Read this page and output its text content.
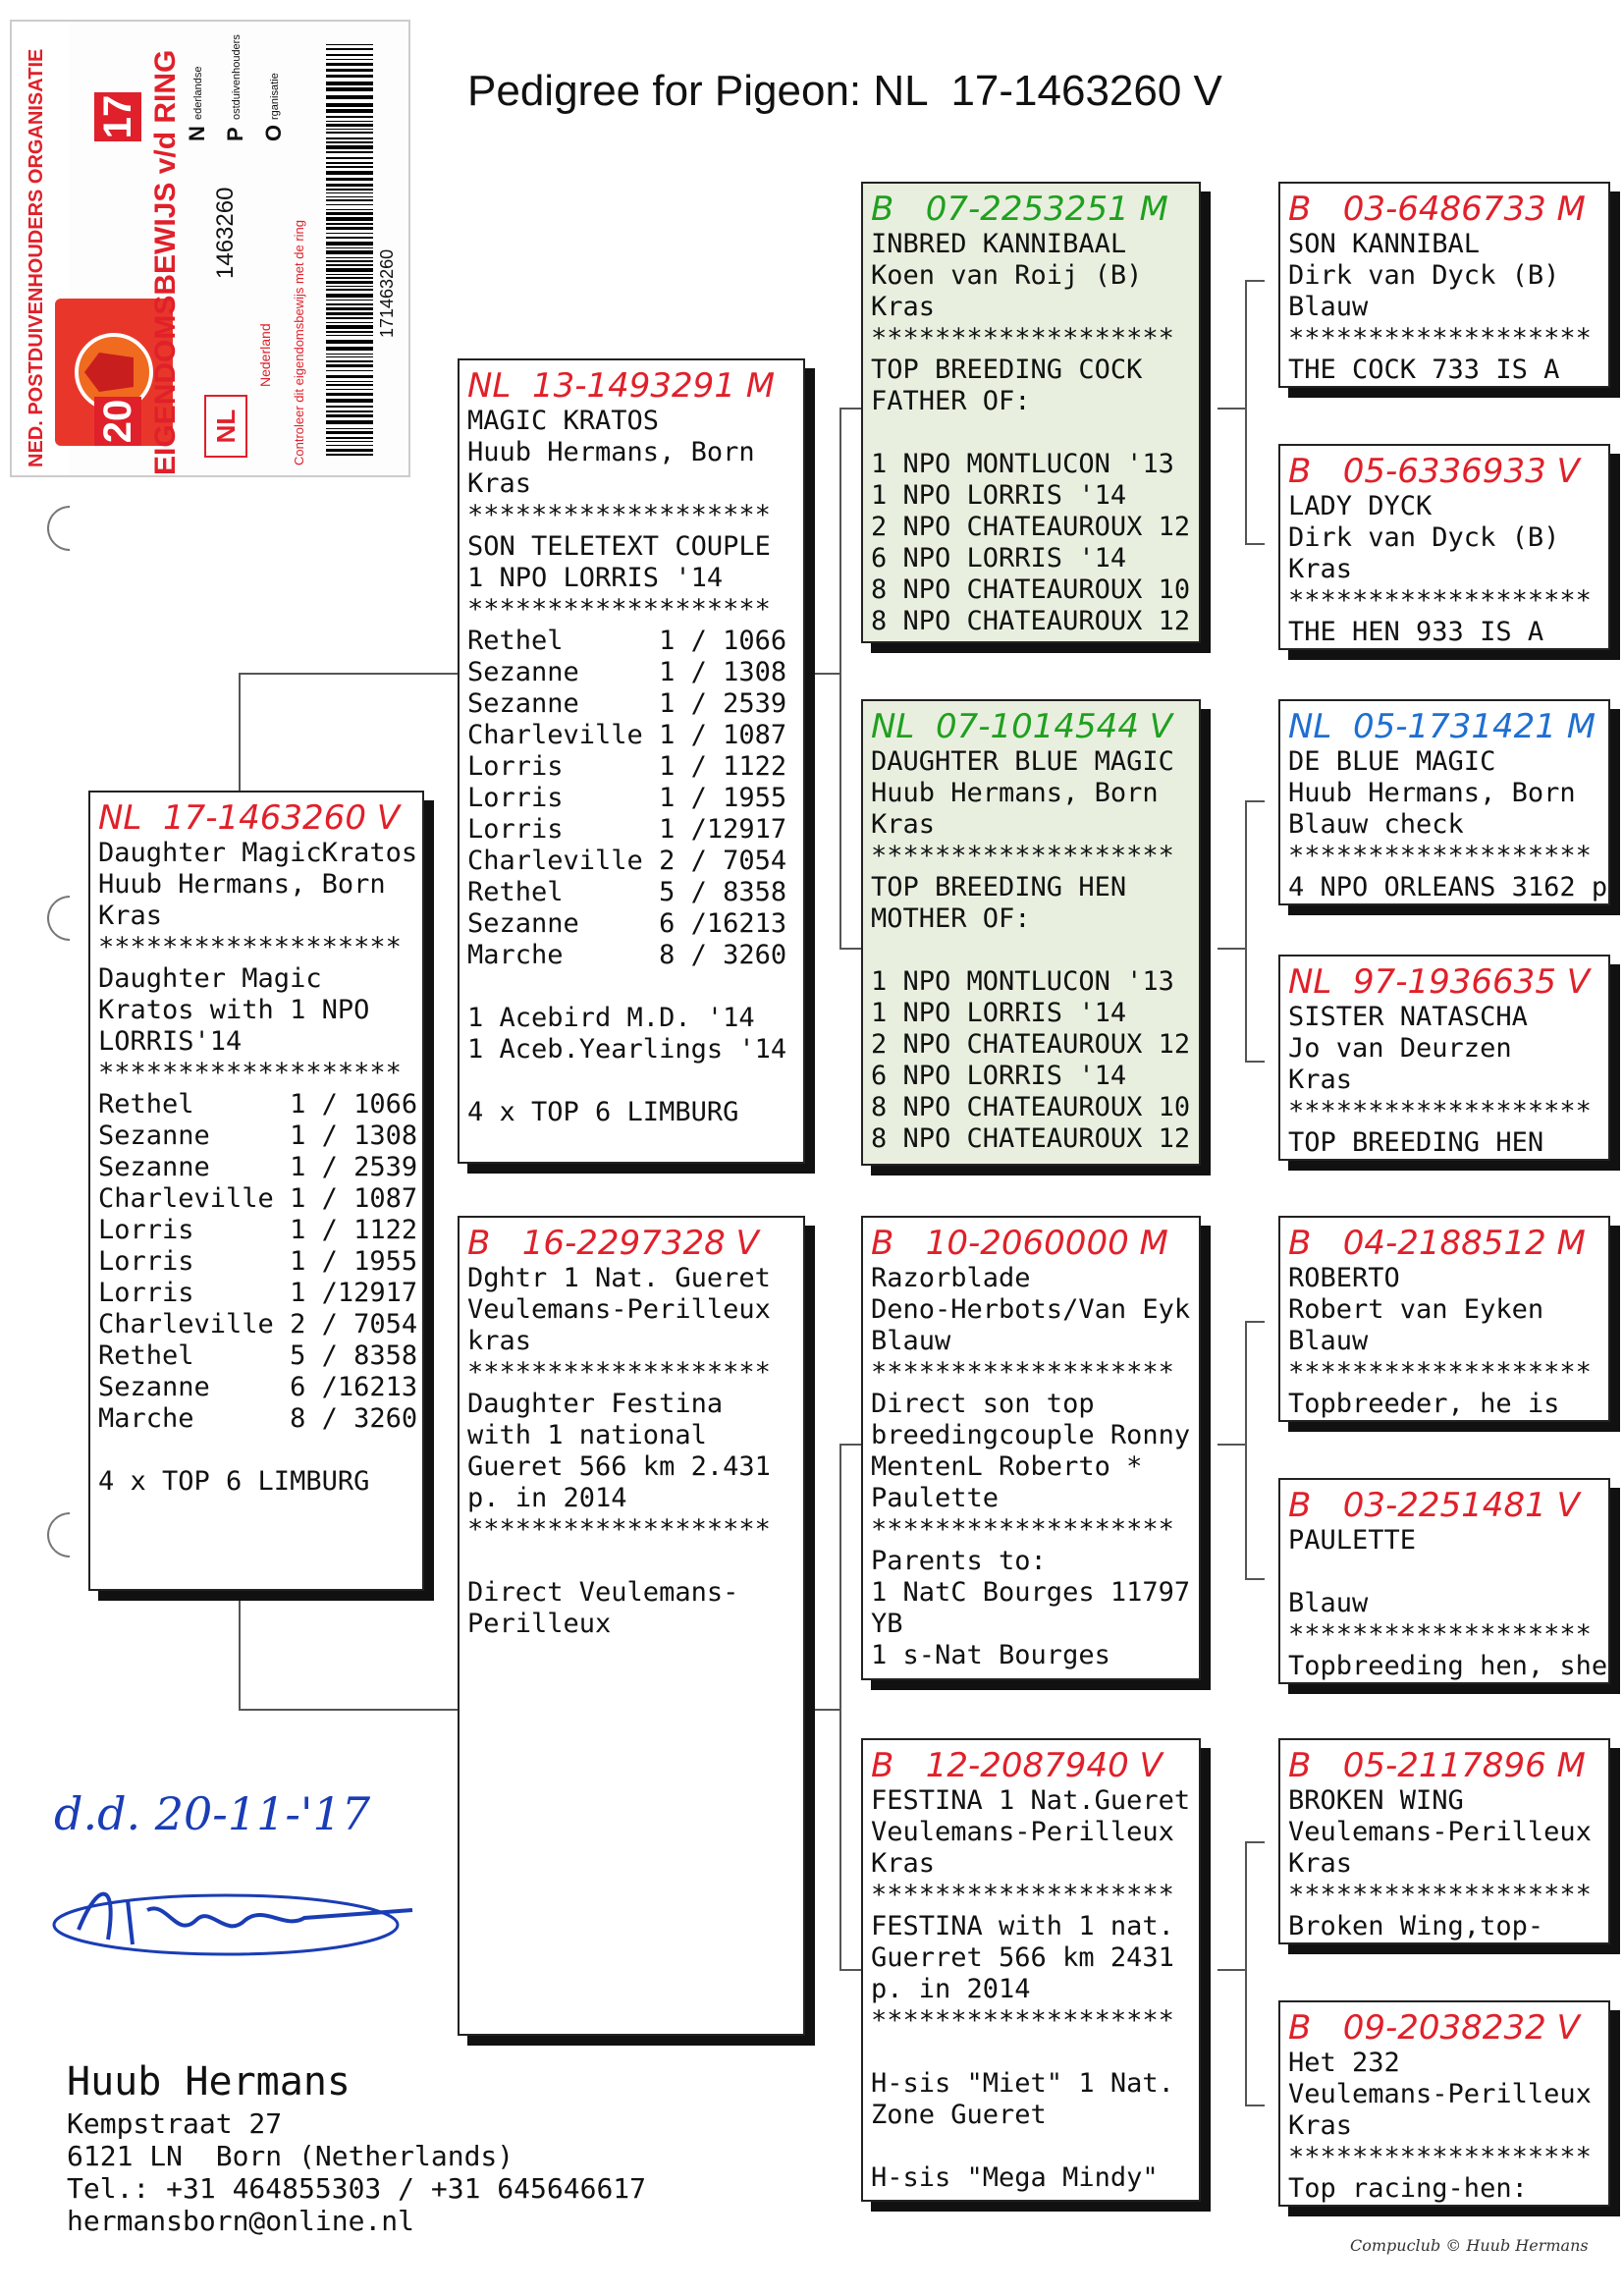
Pedigree for Pigeon: NL  17-1463260 V
NED. POSTDUIVENHOUDERS ORGANISATIE 20
17 EIGENDOMSBEWIJS v/d RING NL
1463260
Nederland Controleer dit eigendomsbewijs met de ring
N P O
ederlandse ostduivenhouders rganisatie
171463260
NL  17-1463260 V
Daughter MagicKratos
Huub Hermans, Born
Kras
*******************
Daughter Magic
Kratos with 1 NPO
LORRIS'14
*******************
Rethel      1 / 1066
Sezanne     1 / 1308
Sezanne     1 / 2539
Charleville 1 / 1087
Lorris      1 / 1122
Lorris      1 / 1955
Lorris      1 /12917
Charleville 2 / 7054
Rethel      5 / 8358
Sezanne     6 /16213
Marche      8 / 3260

4 x TOP 6 LIMBURG
NL  13-1493291 M
MAGIC KRATOS
Huub Hermans, Born
Kras
*******************
SON TELETEXT COUPLE
1 NPO LORRIS '14
*******************
Rethel      1 / 1066
Sezanne     1 / 1308
Sezanne     1 / 2539
Charleville 1 / 1087
Lorris      1 / 1122
Lorris      1 / 1955
Lorris      1 /12917
Charleville 2 / 7054
Rethel      5 / 8358
Sezanne     6 /16213
Marche      8 / 3260

1 Acebird M.D. '14
1 Aceb.Yearlings '14

4 x TOP 6 LIMBURG
B   16-2297328 V
Dghtr 1 Nat. Gueret
Veulemans-Perilleux
kras
*******************
Daughter Festina
with 1 national
Gueret 566 km 2.431
p. in 2014
*******************

Direct Veulemans-
Perilleux
B   07-2253251 M
INBRED KANNIBAAL
Koen van Roij (B)
Kras
*******************
TOP BREEDING COCK
FATHER OF:

1 NPO MONTLUCON '13
1 NPO LORRIS '14
2 NPO CHATEAUROUX 12
6 NPO LORRIS '14
8 NPO CHATEAUROUX 10
8 NPO CHATEAUROUX 12
NL  07-1014544 V
DAUGHTER BLUE MAGIC
Huub Hermans, Born
Kras
*******************
TOP BREEDING HEN
MOTHER OF:

1 NPO MONTLUCON '13
1 NPO LORRIS '14
2 NPO CHATEAUROUX 12
6 NPO LORRIS '14
8 NPO CHATEAUROUX 10
8 NPO CHATEAUROUX 12
B   10-2060000 M
Razorblade
Deno-Herbots/Van Eyk
Blauw
*******************
Direct son top
breedingcouple Ronny
MentenL Roberto *
Paulette
*******************
Parents to:
1 NatC Bourges 11797
YB
1 s-Nat Bourges
B   12-2087940 V
FESTINA 1 Nat.Gueret
Veulemans-Perilleux
Kras
*******************
FESTINA with 1 nat.
Guerret 566 km 2431
p. in 2014
*******************

H-sis "Miet" 1 Nat.
Zone Gueret

H-sis "Mega Mindy"
B   03-6486733 M
SON KANNIBAL
Dirk van Dyck (B)
Blauw
*******************
THE COCK 733 IS A
B   05-6336933 V
LADY DYCK
Dirk van Dyck (B)
Kras
*******************
THE HEN 933 IS A
NL  05-1731421 M
DE BLUE MAGIC
Huub Hermans, Born
Blauw check
*******************
4 NPO ORLEANS 3162 p
NL  97-1936635 V
SISTER NATASCHA
Jo van Deurzen
Kras
*******************
TOP BREEDING HEN
B   04-2188512 M
ROBERTO
Robert van Eyken
Blauw
*******************
Topbreeder, he is
B   03-2251481 V
PAULETTE

Blauw
*******************
Topbreeding hen, she
B   05-2117896 M
BROKEN WING
Veulemans-Perilleux
Kras
*******************
Broken Wing,top-
B   09-2038232 V
Het 232
Veulemans-Perilleux
Kras
*******************
Top racing-hen:
d.d. 20-11-'17
Huub Hermans
Kempstraat 27
6121 LN  Born (Netherlands)
Tel.: +31 464855303 / +31 645646617
hermansborn@online.nl
Compuclub © Huub Hermans
